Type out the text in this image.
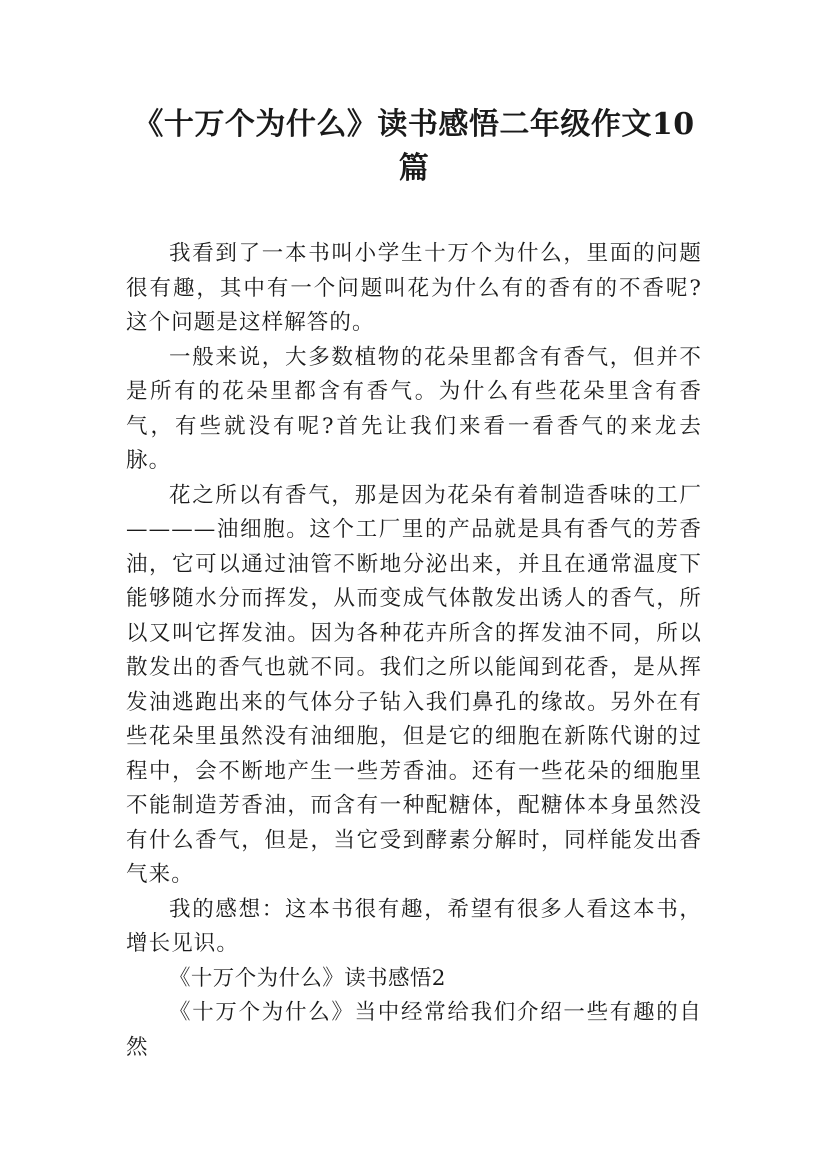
《十万个为什么》读书感悟二年级作文10篇

我看到了一本书叫小学生十万个为什么，里面的问题很有趣，其中有一个问题叫花为什么有的香有的不香呢?这个问题是这样解答的。

一般来说，大多数植物的花朵里都含有香气，但并不是所有的花朵里都含有香气。为什么有些花朵里含有香气，有些就没有呢?首先让我们来看一看香气的来龙去脉。

花之所以有香气，那是因为花朵有着制造香味的工厂————油细胞。这个工厂里的产品就是具有香气的芳香油，它可以通过油管不断地分泌出来，并且在通常温度下能够随水分而挥发，从而变成气体散发出诱人的香气，所以又叫它挥发油。因为各种花卉所含的挥发油不同，所以散发出的香气也就不同。我们之所以能闻到花香，是从挥发油逃跑出来的气体分子钻入我们鼻孔的缘故。另外在有些花朵里虽然没有油细胞，但是它的细胞在新陈代谢的过程中，会不断地产生一些芳香油。还有一些花朵的细胞里不能制造芳香油，而含有一种配糖体，配糖体本身虽然没有什么香气，但是，当它受到酵素分解时，同样能发出香气来。

我的感想：这本书很有趣，希望有很多人看这本书，增长见识。

《十万个为什么》读书感悟2

《十万个为什么》当中经常给我们介绍一些有趣的自然
